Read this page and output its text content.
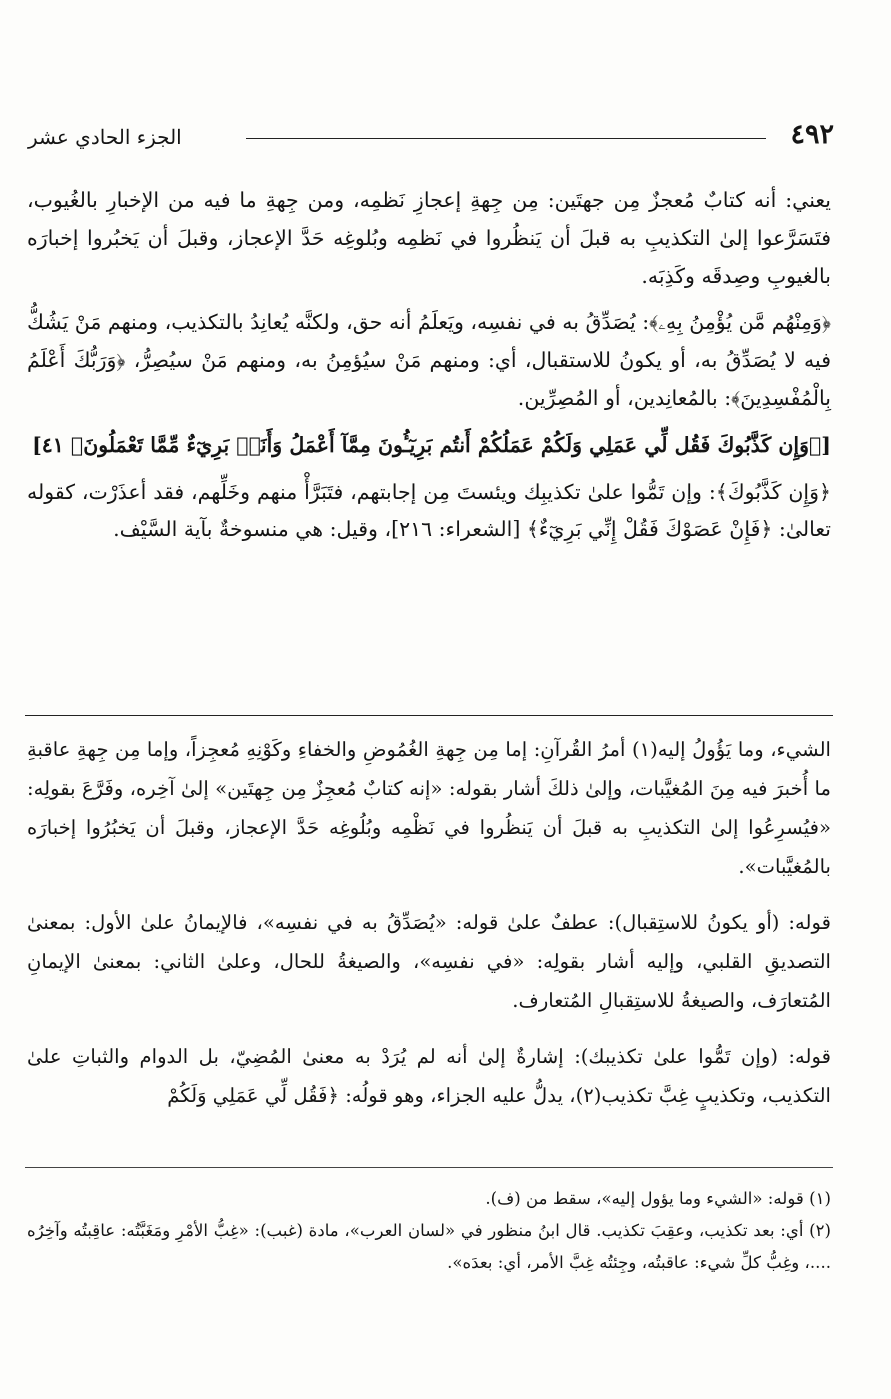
٤٩٢
الجزء الحادي عشر

يعني: أنه كتابٌ مُعجزٌ مِن جهتَين: مِن جِهةِ إعجازِ نَظمِه، ومن جِهةِ ما فيه من الإخبارِ بالغُيوب، فتَسَرَّعوا إلىٰ التكذيبِ به قبلَ أن يَنظُروا في نَظمِه وبُلوغِه حَدَّ الإعجاز، وقبلَ أن يَخبُروا إخبارَه بالغيوبِ وصِدقَه وكَذِبَه.

﴿وَمِنْهُم مَّن يُؤْمِنُ بِهِۦ﴾: يُصَدِّقُ به في نفسِه، ويَعلَمُ أنه حق، ولكنَّه يُعانِدُ بالتكذيب، ومنهم مَنْ يَشُكُّ فيه لا يُصَدِّقُ به، أو يكونُ للاستقبال، أي: ومنهم مَنْ سيُؤمِنُ به، ومنهم مَنْ سيُصِرُّ، ﴿وَرَبُّكَ أَعْلَمُ بِالْمُفْسِدِينَ﴾: بالمُعانِدين، أو المُصِرِّين.

[﴿وَإِن كَذَّبُوكَ فَقُل لِّي عَمَلِي وَلَكُمْ عَمَلُكُمْ أَنتُم بَرِيٓـُٔونَ مِمَّآ أَعْمَلُ وَأَنَا۠ بَرِيٓءٌ مِّمَّا تَعْمَلُونَ﴾ ٤١]

﴿وَإِن كَذَّبُوكَ﴾: وإن تَمُّوا علىٰ تكذيبِك ويئستَ مِن إجابتهم، فتَبَرَّأْ منهم وخَلِّهم، فقد أعذَرْت، كقوله تعالىٰ: ﴿فَإِنْ عَصَوْكَ فَقُلْ إِنِّي بَرِيٓءٌ﴾ [الشعراء: ٢١٦]، وقيل: هي منسوخةٌ بآية السَّيْف.

الشيء، وما يَؤُولُ إليه(١) أمرُ القُرآنِ: إما مِن جِهةِ الغُمُوضِ والخفاءِ وكَوْنِهِ مُعجِزاً، وإما مِن جِهةِ عاقبةِ ما أُخبرَ فيه مِنَ المُغيَّبات، وإلىٰ ذلكَ أشار بقوله: «إنه كتابٌ مُعجِزٌ مِن جِهتَين» إلىٰ آخِره، وفَرَّعَ بقولِه: «فيُسرِعُوا إلىٰ التكذيبِ به قبلَ أن يَنظُروا في نَظْمِه وبُلُوغِه حَدَّ الإعجاز، وقبلَ أن يَخبُرُوا إخبارَه بالمُغيَّبات».

قوله: (أو يكونُ للاستِقبال): عطفٌ علىٰ قوله: «يُصَدِّقُ به في نفسِه»، فالإيمانُ علىٰ الأول: بمعنىٰ التصديقِ القلبي، وإليه أشار بقولِه: «في نفسِه»، والصيغةُ للحال، وعلىٰ الثاني: بمعنىٰ الإيمانِ المُتعارَف، والصيغةُ للاستِقبالِ المُتعارف.

قوله: (وإن تَمُّوا علىٰ تكذيبك): إشارةٌ إلىٰ أنه لم يُرَدْ به معنىٰ المُضِيّ، بل الدوام والثباتِ علىٰ التكذيب، وتكذيبٍ غِبَّ تكذيب(٢)، يدلُّ عليه الجزاء، وهو قولُه: ﴿فَقُل لِّي عَمَلِي وَلَكُمْ

(١) قوله: «الشيء وما يؤول إليه»، سقط من (ف).

(٢) أي: بعد تكذيب، وعقِبَ تكذيب. قال ابنُ منظور في «لسان العرب»، مادة (غبب): «غِبُّ الأمْرِ ومَغَبَّتُه: عاقِبتُه وآخِرُه ....، وغِبُّ كلِّ شيء: عاقبتُه، وجِئتُه غِبَّ الأمر، أي: بعدَه».
